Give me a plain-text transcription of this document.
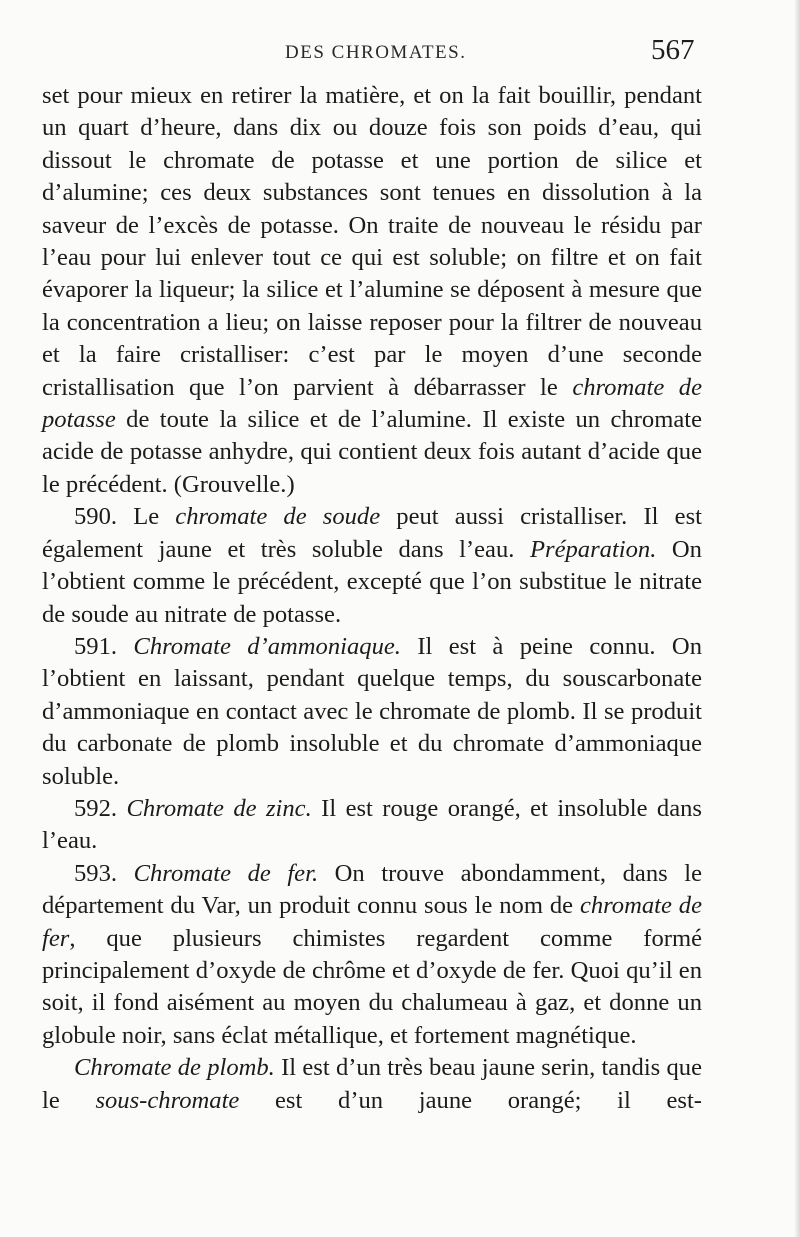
DES CHROMATES.	567

set pour mieux en retirer la matière, et on la fait bouillir, pendant un quart d’heure, dans dix ou douze fois son poids d’eau, qui dissout le chromate de potasse et une portion de silice et d’alumine; ces deux substances sont tenues en dissolution à la saveur de l’excès de potasse. On traite de nouveau le résidu par l’eau pour lui enlever tout ce qui est soluble; on filtre et on fait évaporer la liqueur; la silice et l’alumine se déposent à mesure que la concentration a lieu; on laisse reposer pour la filtrer de nouveau et la faire cristalliser: c’est par le moyen d’une seconde cristallisation que l’on parvient à débarrasser le chromate de potasse de toute la silice et de l’alumine. Il existe un chromate acide de potasse anhydre, qui contient deux fois autant d’acide que le précédent. (Grouvelle.)

590. Le chromate de soude peut aussi cristalliser. Il est également jaune et très soluble dans l’eau. Préparation. On l’obtient comme le précédent, excepté que l’on substitue le nitrate de soude au nitrate de potasse.

591. Chromate d’ammoniaque. Il est à peine connu. On l’obtient en laissant, pendant quelque temps, du souscarbonate d’ammoniaque en contact avec le chromate de plomb. Il se produit du carbonate de plomb insoluble et du chromate d’ammoniaque soluble.

592. Chromate de zinc. Il est rouge orangé, et insoluble dans l’eau.

593. Chromate de fer. On trouve abondamment, dans le département du Var, un produit connu sous le nom de chromate de fer, que plusieurs chimistes regardent comme formé principalement d’oxyde de chrôme et d’oxyde de fer. Quoi qu’il en soit, il fond aisément au moyen du chalumeau à gaz, et donne un globule noir, sans éclat métallique, et fortement magnétique.

Chromate de plomb. Il est d’un très beau jaune serin, tandis que le sous-chromate est d’un jaune orangé; il est-
